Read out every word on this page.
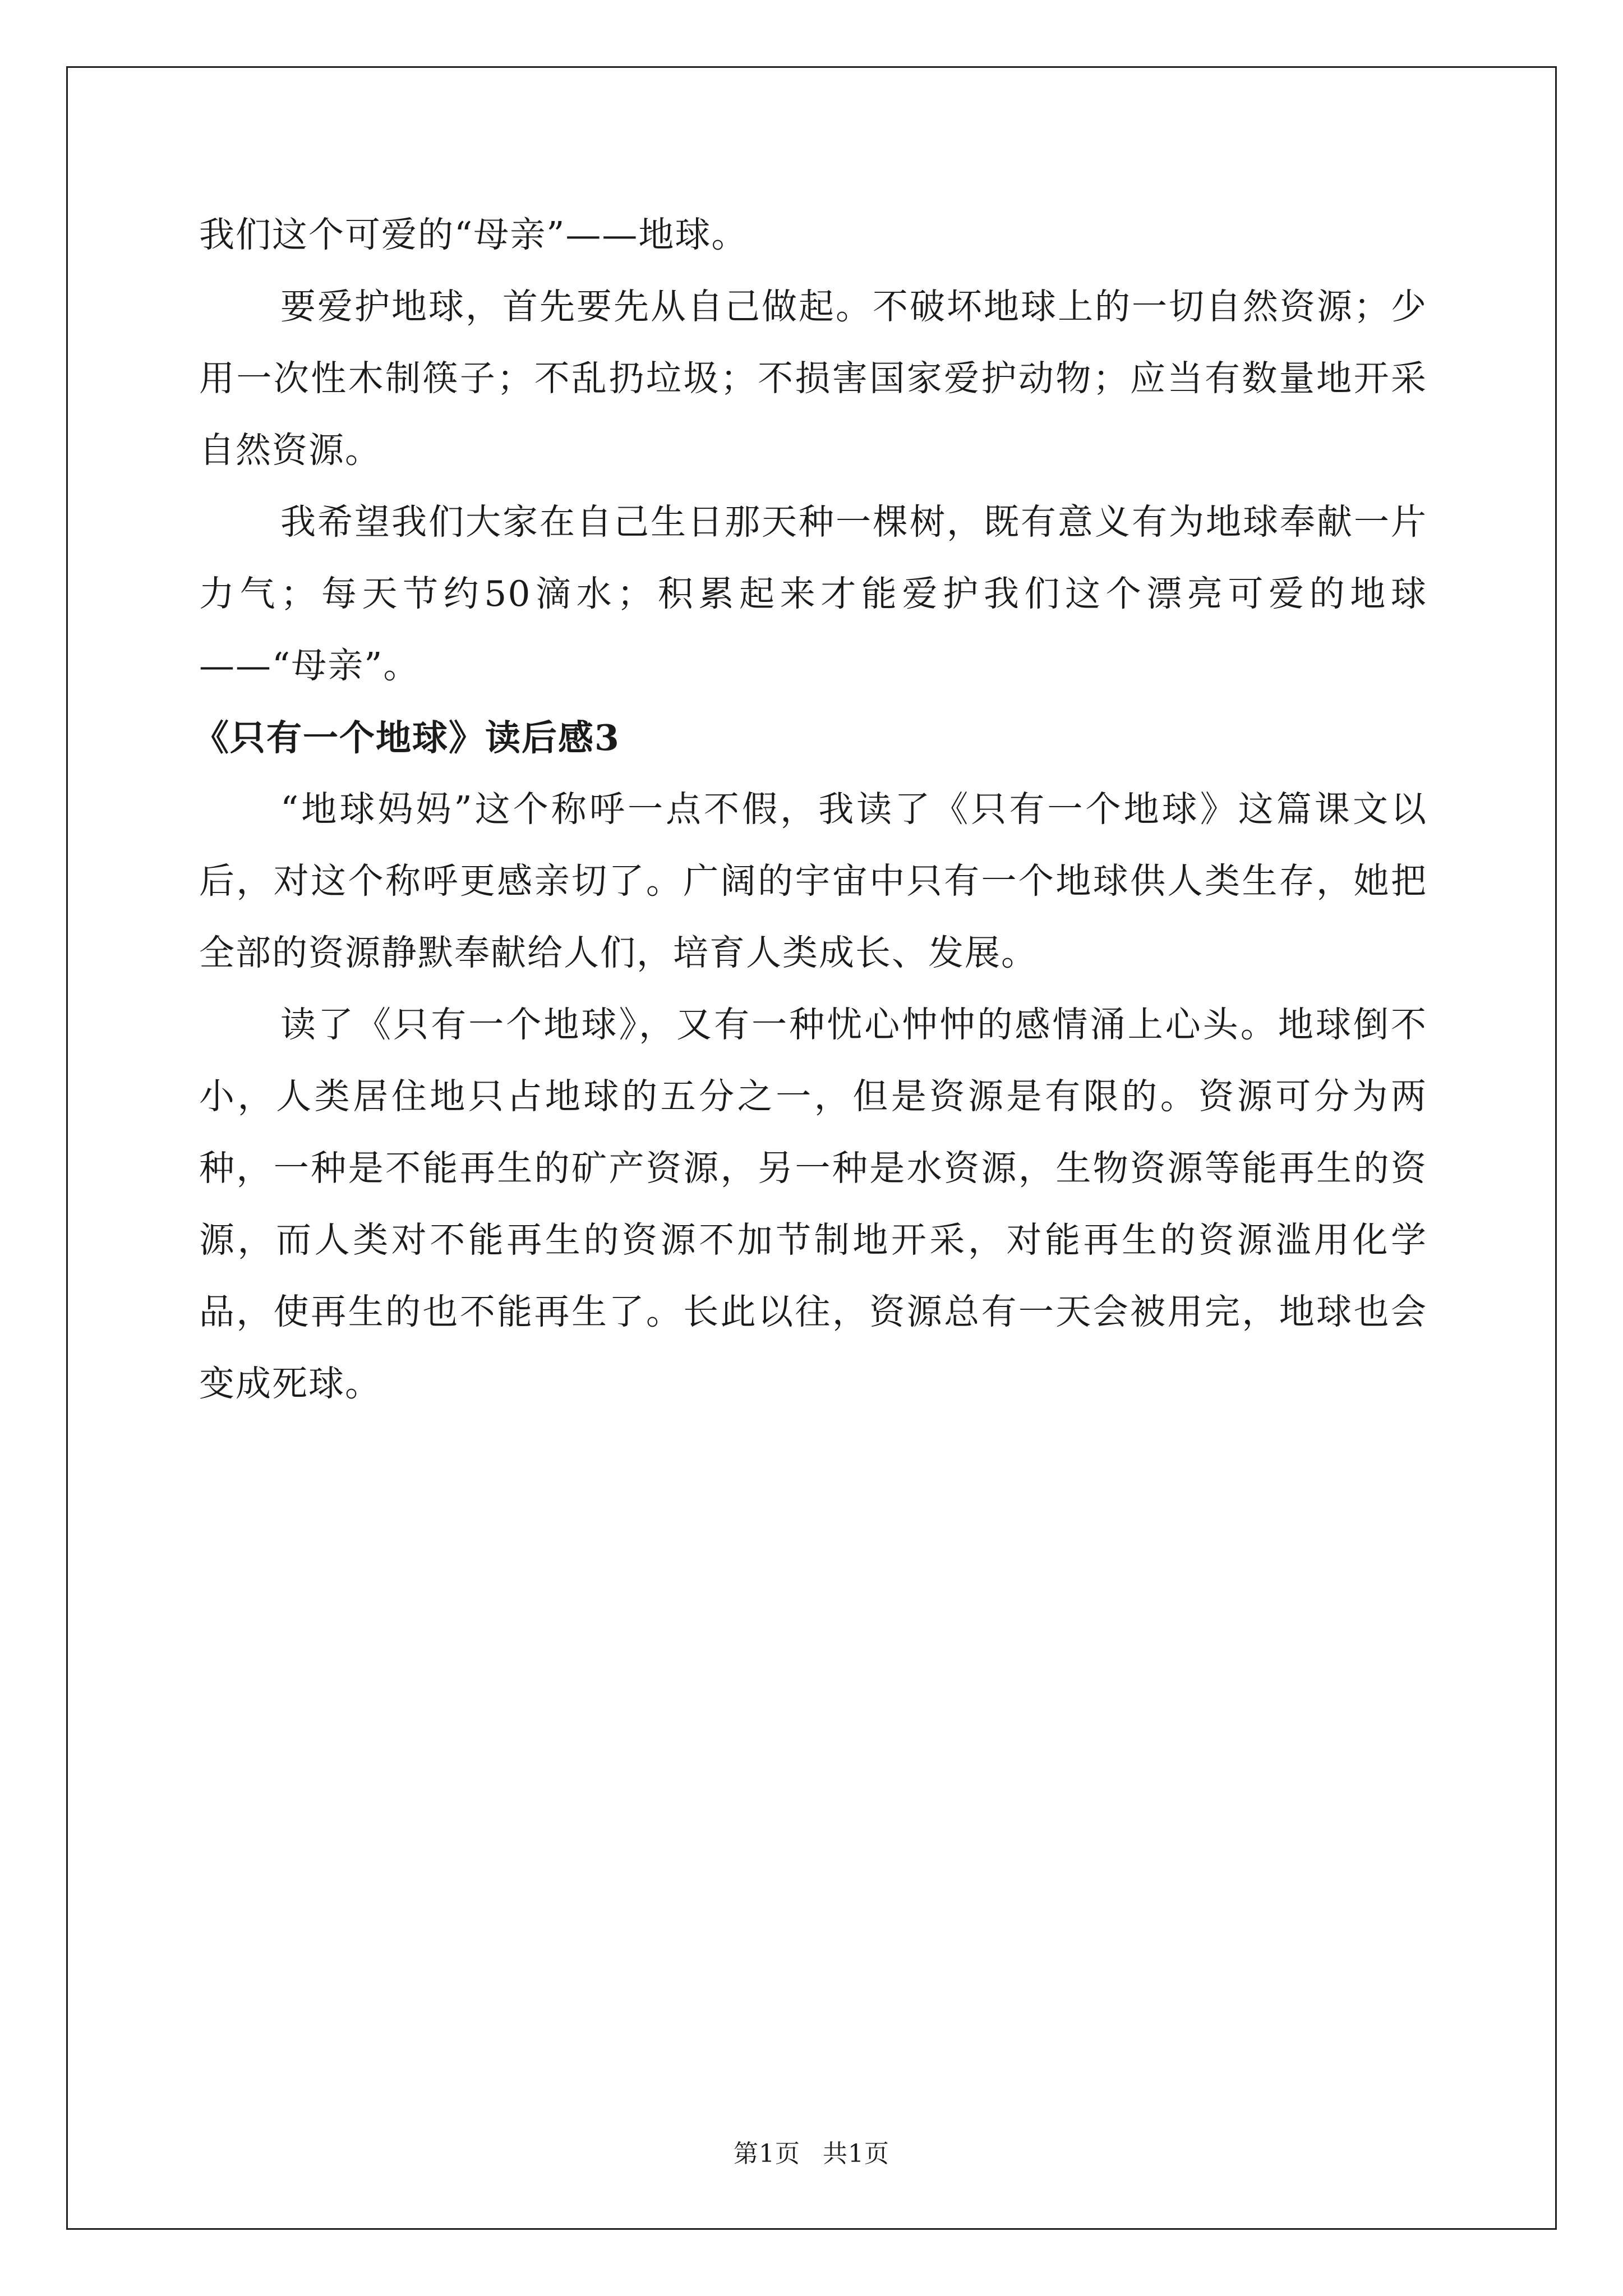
我们这个可爱的“母亲”——地球。

要爱护地球，首先要先从自己做起。不破坏地球上的一切自然资源；少用一次性木制筷子；不乱扔垃圾；不损害国家爱护动物；应当有数量地开采自然资源。

我希望我们大家在自己生日那天种一棵树，既有意义有为地球奉献一片力气；每天节约50滴水；积累起来才能爱护我们这个漂亮可爱的地球——“母亲”。

《只有一个地球》读后感3

“地球妈妈”这个称呼一点不假，我读了《只有一个地球》这篇课文以后，对这个称呼更感亲切了。广阔的宇宙中只有一个地球供人类生存，她把全部的资源静默奉献给人们，培育人类成长、发展。

读了《只有一个地球》，又有一种忧心忡忡的感情涌上心头。地球倒不小，人类居住地只占地球的五分之一，但是资源是有限的。资源可分为两种，一种是不能再生的矿产资源，另一种是水资源，生物资源等能再生的资源，而人类对不能再生的资源不加节制地开采，对能再生的资源滥用化学品，使再生的也不能再生了。长此以往，资源总有一天会被用完，地球也会变成死球。

第1页 共1页
